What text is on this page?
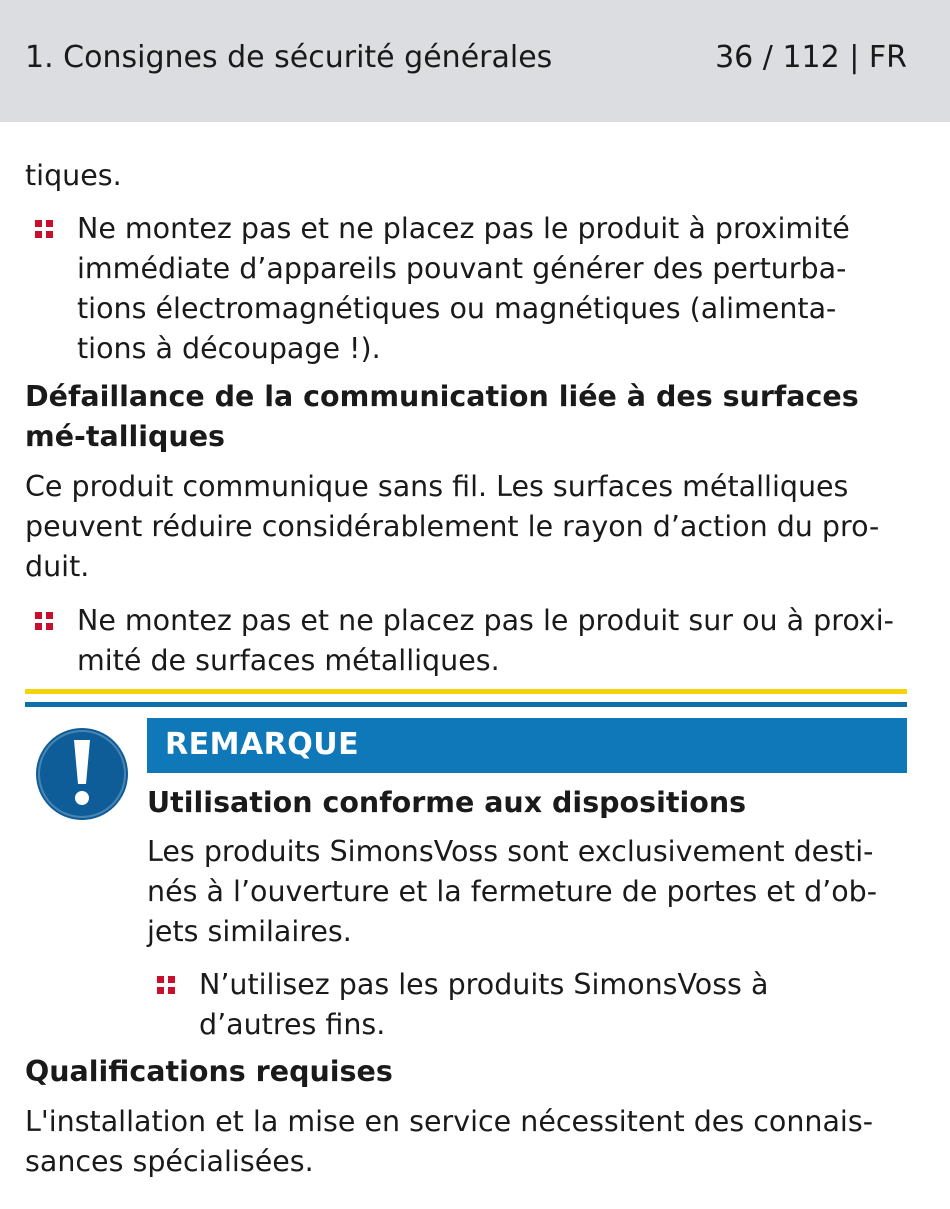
1. Consignes de sécurité générales	36 / 112 | FR

tiques.

Ne montez pas et ne placez pas le produit à proximité immédiate d’appareils pouvant générer des perturba-tions électromagnétiques ou magnétiques (alimenta-tions à découpage !).

Défaillance de la communication liée à des surfaces mé-talliques

Ce produit communique sans fil. Les surfaces métalliques peuvent réduire considérablement le rayon d’action du pro-duit.

Ne montez pas et ne placez pas le produit sur ou à proxi-mité de surfaces métalliques.

REMARQUE

Utilisation conforme aux dispositions

Les produits SimonsVoss sont exclusivement desti-nés à l’ouverture et la fermeture de portes et d’ob-jets similaires.

N’utilisez pas les produits SimonsVoss à d’autres fins.

Qualifications requises

L'installation et la mise en service nécessitent des connais-sances spécialisées.
